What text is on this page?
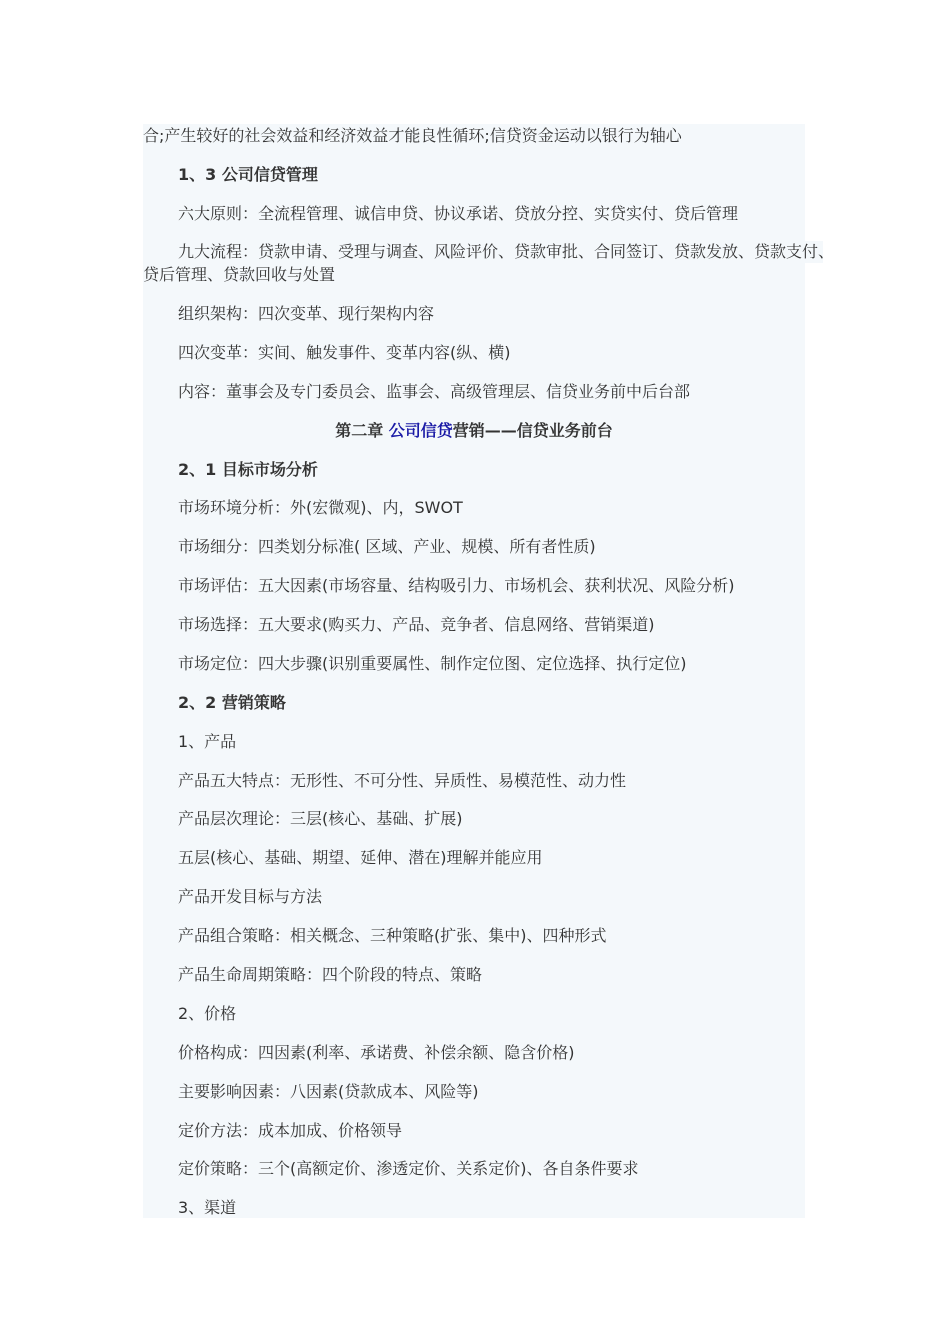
合;产生较好的社会效益和经济效益才能良性循环;信贷资金运动以银行为轴心
1、3 公司信贷管理
六大原则：全流程管理、诚信申贷、协议承诺、贷放分控、实贷实付、贷后管理
九大流程：贷款申请、受理与调查、风险评价、贷款审批、合同签订、贷款发放、贷款支付、
贷后管理、贷款回收与处置
组织架构：四次变革、现行架构内容
四次变革：实间、触发事件、变革内容(纵、横)
内容：董事会及专门委员会、监事会、高级管理层、信贷业务前中后台部
第二章 公司信贷营销——信贷业务前台
2、1 目标市场分析
市场环境分析：外(宏微观)、内，SWOT
市场细分：四类划分标准( 区域、产业、规模、所有者性质)
市场评估：五大因素(市场容量、结构吸引力、市场机会、获利状况、风险分析)
市场选择：五大要求(购买力、产品、竞争者、信息网络、营销渠道)
市场定位：四大步骤(识别重要属性、制作定位图、定位选择、执行定位)
2、2 营销策略
1、产品
产品五大特点：无形性、不可分性、异质性、易模范性、动力性
产品层次理论：三层(核心、基础、扩展)
五层(核心、基础、期望、延伸、潜在)理解并能应用
产品开发目标与方法
产品组合策略：相关概念、三种策略(扩张、集中)、四种形式
产品生命周期策略：四个阶段的特点、策略
2、价格
价格构成：四因素(利率、承诺费、补偿余额、隐含价格)
主要影响因素：八因素(贷款成本、风险等)
定价方法：成本加成、价格领导
定价策略：三个(高额定价、渗透定价、关系定价)、各自条件要求
3、渠道
